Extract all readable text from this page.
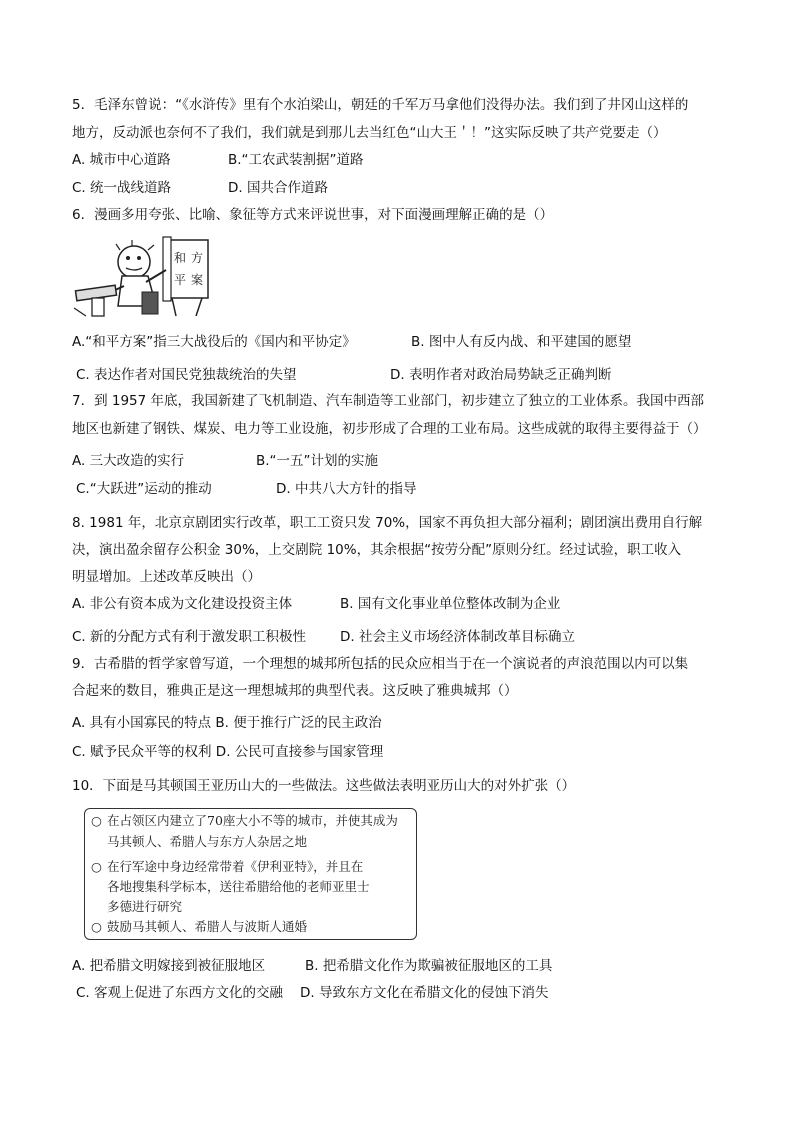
5．毛泽东曾说：“《水浒传》里有个水泊梁山，朝廷的千军万马拿他们没得办法。我们到了井冈山这样的
地方，反动派也奈何不了我们，我们就是到那儿去当红色“山大王＇！”这实际反映了共产党要走（）
A. 城市中心道路	B.“工农武装割据”道路
C. 统一战线道路	D. 国共合作道路
6．漫画多用夸张、比喻、象征等方式来评说世事，对下面漫画理解正确的是（）
和 方
平 案
A.“和平方案”指三大战役后的《国内和平协定》	B. 图中人有反内战、和平建国的愿望
C. 表达作者对国民党独裁统治的失望	D. 表明作者对政治局势缺乏正确判断
7．到 1957 年底，我国新建了飞机制造、汽车制造等工业部门，初步建立了独立的工业体系。我国中西部
地区也新建了钢铁、煤炭、电力等工业设施，初步形成了合理的工业布局。这些成就的取得主要得益于（）
A. 三大改造的实行	B.“一五”计划的实施
C.“大跃进”运动的推动	D. 中共八大方针的指导
8. 1981 年，北京京剧团实行改革，职工工资只发 70%，国家不再负担大部分福利；剧团演出费用自行解
决，演出盈余留存公积金 30%，上交剧院 10%，其余根据“按劳分配”原则分红。经过试验，职工收入
明显增加。上述改革反映出（）
A. 非公有资本成为文化建设投资主体	B. 国有文化事业单位整体改制为企业
C. 新的分配方式有利于激发职工积极性	D. 社会主义市场经济体制改革目标确立
9．古希腊的哲学家曾写道，一个理想的城邦所包括的民众应相当于在一个演说者的声浪范围以内可以集
合起来的数目，雅典正是这一理想城邦的典型代表。这反映了雅典城邦（）
A. 具有小国寡民的特点 B. 便于推行广泛的民主政治
C. 赋予民众平等的权利 D. 公民可直接参与国家管理
10．下面是马其顿国王亚历山大的一些做法。这些做法表明亚历山大的对外扩张（）
○ 在占领区内建立了70座大小不等的城市，并使其成为
马其顿人、希腊人与东方人杂居之地
○ 在行军途中身边经常带着《伊利亚特》，并且在
各地搜集科学标本，送往希腊给他的老师亚里士
多德进行研究
○ 鼓励马其顿人、希腊人与波斯人通婚
A. 把希腊文明嫁接到被征服地区	B. 把希腊文化作为欺骗被征服地区的工具
C. 客观上促进了东西方文化的交融 D. 导致东方文化在希腊文化的侵蚀下消失
